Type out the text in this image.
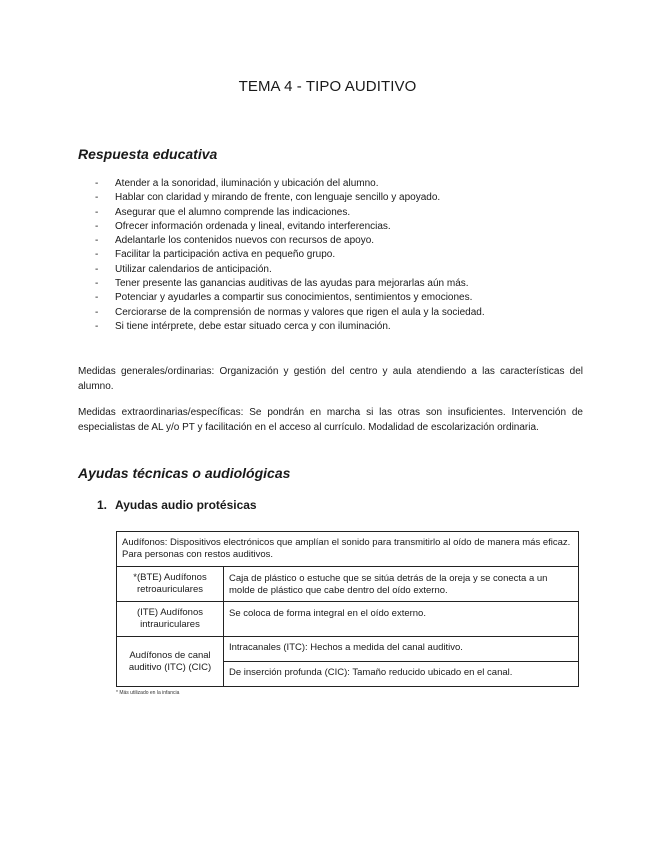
TEMA 4 - TIPO AUDITIVO
Respuesta educativa
- Atender a la sonoridad, iluminación y ubicación del alumno.
- Hablar con claridad y mirando de frente, con lenguaje sencillo y apoyado.
- Asegurar que el alumno comprende las indicaciones.
- Ofrecer información ordenada y lineal, evitando interferencias.
- Adelantarle los contenidos nuevos con recursos de apoyo.
- Facilitar la participación activa en pequeño grupo.
- Utilizar calendarios de anticipación.
- Tener presente las ganancias auditivas de las ayudas para mejorarlas aún más.
- Potenciar y ayudarles a compartir sus conocimientos, sentimientos y emociones.
- Cerciorarse de la comprensión de normas y valores que rigen el aula y la sociedad.
- Si tiene intérprete, debe estar situado cerca y con iluminación.
Medidas generales/ordinarias: Organización y gestión del centro y aula atendiendo a las características del alumno.
Medidas extraordinarias/específicas: Se pondrán en marcha si las otras son insuficientes. Intervención de especialistas de AL y/o PT y facilitación en el acceso al currículo. Modalidad de escolarización ordinaria.
Ayudas técnicas o audiológicas
1. Ayudas audio protésicas
Audífonos: Dispositivos electrónicos que amplían el sonido para transmitirlo al oído de manera más eficaz. Para personas con restos auditivos.	
*(BTE) Audífonos retroauriculares	Caja de plástico o estuche que se sitúa detrás de la oreja y se conecta a un molde de plástico que cabe dentro del oído externo.
(ITE) Audífonos intrauriculares	Se coloca de forma integral en el oído externo.
Audífonos de canal auditivo (ITC) (CIC)	Intracanales (ITC): Hechos a medida del canal auditivo.
	De inserción profunda (CIC): Tamaño reducido ubicado en el canal.
* Más utilizado en la infancia
